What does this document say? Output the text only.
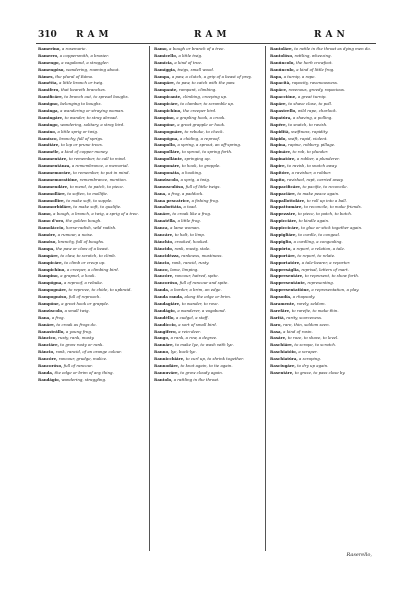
310 RAM	RAM	RAN
Ramerino, a rosemarie.
Ramerro, a coppersmith, a brasier.
Ramengo, a vagabond, a straggler.
Ramengóso, wandering, roaming about.
Rámes, the plural of Rámo.
Ramétta, a little branch or twig.
Ramifero, that beareth branches.
Ramificáre, to branch out, to spread boughs.
Ramigno, belonging to boughs.
Raminga, a wandering or straying woman.
Ramingáre, to wander, to stray abroad.
Ramingo, wandering, solitary, a stray bird.
Ramíno, a little sprig or twig.
Ramísco, branchy, full of sprigs.
Ramitáre, to lop or prune trees.
Ramméle, a kind of copper money.
Rammentáre, to remember, to call to mind.
Rammentánza, a remembrance, a memorial.
Rammemoráre, to remember, to put in mind.
Rammemoratióne, remembrance, mention.
Rammendáre, to mend, to patch, to piece.
Rammolláre, to soften, to mollifie.
Rammollíre, to make soft, to supple.
Rammorbidáre, to make soft, to qualifie.
Ramo, a bough, a branch, a twig, a sprig of a tree.
Ramo d'oro, the golden bough.
Ramoláccio, horse-radish, wild radish.
Ramóre, a rumour, a noise.
Ramóso, branchy, full of boughs.
Rampa, the paw or claw of a beast.
Rampáre, to claw, to scratch, to climb.
Rampicáre, to climb or creep up.
Rampichino, a creeper, a climbing bird.
Rampino, a grapnel, a hook.
Rampógna, a reproof, a rebuke.
Rampognáre, to reprove, to chide, to upbraid.
Rampognóso, full of reproach.
Rampóne, a great hook or grapple.
Ramúscolo, a small twig.
Rana, a frog.
Ranáre, to croak as frogs do.
Ranastrállo, a young frog.
Ráncico, rusty, rank, musty.
Ranciáre, to grow rusty or rank.
Ráncio, rank, rancid, of an orange colour.
Rancóre, rancour, grudge, malice.
Rancoróso, full of rancour.
Randa, the edge or brim of any thing.
Randágio, wandering, straggling.
Ramo, a bough or branch of a tree.
Ramicello, a little twig.
Ramícia, a kind of tree.
Ramíggia, twigs, small wood.
Rampa, a paw, a clutch, a grip of a beast of prey.
Rampáre, to paw, to catch with the paw.
Rampante, rampant, climbing.
Rampicante, climbing, creeping up.
Rampicáre, to clamber, to scramble up.
Rampichino, the creeper bird.
Rampíno, a grapling hook, a crook.
Rampóne, a great grapple or hook.
Rampognáre, to rebuke, to check.
Rampógna, a chiding, a reproof.
Rampollo, a spring, a sprout, an off-spring.
Rampolláre, to sprout, to spring forth.
Rampollánte, springing up.
Ramponáre, to hook, to grapple.
Ramponáta, a hooking.
Ramúscolo, a sprig, a twig.
Ramusculóso, full of little twigs.
Rana, a frog, a paddock.
Rana pescatrice, a fishing frog.
Ranabottáta, a toad.
Ranáre, to croak like a frog.
Ranatélla, a little frog.
Ranca, a lame woman.
Rancáre, to halt, to limp.
Ránchio, crooked, hooked.
Ráncido, rank, musty, stale.
Rancidézza, rankness, mustiness.
Ráncio, rank, rancid, rusty.
Ranco, lame, limping.
Rancóre, rancour, hatred, spite.
Rancoróso, full of rancour and spite.
Randa, a border, a brim, an edge.
Randa randa, along the edge or brim.
Randagiáre, to wander, to rove.
Randágio, a wanderer, a vagabond.
Randéllo, a cudgel, a staff.
Randíccio, a sort of small bird.
Rangifero, a rein-deer.
Rango, a rank, a row, a degree.
Rannáre, to make lye, to wash with lye.
Ranno, lye, buck-lye.
Rannicchiáre, to curl up, to shrink together.
Rannodáre, to knot again, to tie again.
Rannuváre, to grow cloudy again.
Rantolo, a rattling in the throat.
Rantoláre, to rattle in the throat as dying men do.
Rantolóso, rattling, wheezing.
Ranúncolo, the herb crowfoot.
Ranúnculo, a kind of little frog.
Rapa, a turnip, a rape.
Rapacità, rapacity, ravenousness.
Rapáce, ravenous, greedy, rapacious.
Rapaccióne, a great turnip.
Rapáre, to shave close, to poll.
Rapastrello, wild rape, charlock.
Rapatúra, a shaving, a polling.
Rapére, to snatch, to ravish.
Rapidità, swiftness, rapidity.
Rápido, swift, rapid, violent.
Rapina, rapine, robbery, pillage.
Rapináre, to rob, to plunder.
Rapinatóre, a robber, a plunderer.
Rapíre, to ravish, to snatch away.
Rapitóre, a ravisher, a robber.
Rapíto, ravished, rapt, carried away.
Rappacificáre, to pacifie, to reconcile.
Rappaciáre, to make peace again.
Rappallottoláre, to roll up into a ball.
Rappattumáre, to reconcile, to make friends.
Rappezzáre, to piece, to patch, to botch.
Rappicciáre, to kindle again.
Rappiccicáre, to glue or stick together again.
Rappigliáre, to curdle, to congeal.
Rappiglio, a curdling, a congealing.
Rappórto, a report, a relation, a tale.
Rapportáre, to report, to relate.
Rapportatóre, a tale-bearer, a reporter.
Rappreságlia, reprisal, letters of mart.
Rappresentáre, to represent, to show forth.
Rappresentánte, representing.
Rappresentatióne, a representation, a play.
Rapsodía, a rhapsody.
Raramente, rarely, seldom.
Rarefáre, to rarefie, to make thin.
Rarità, rarity, scarceness.
Raro, rare, thin, seldom seen.
Rasa, a kind of rosin.
Rasáre, to raze, to shave, to level.
Raschiáre, to scrape, to scratch.
Raschiatóio, a scraper.
Raschiatúra, a scraping.
Rasciugáre, to dry up again.
Rasentáre, to graze, to pass close by.
Raserello,
